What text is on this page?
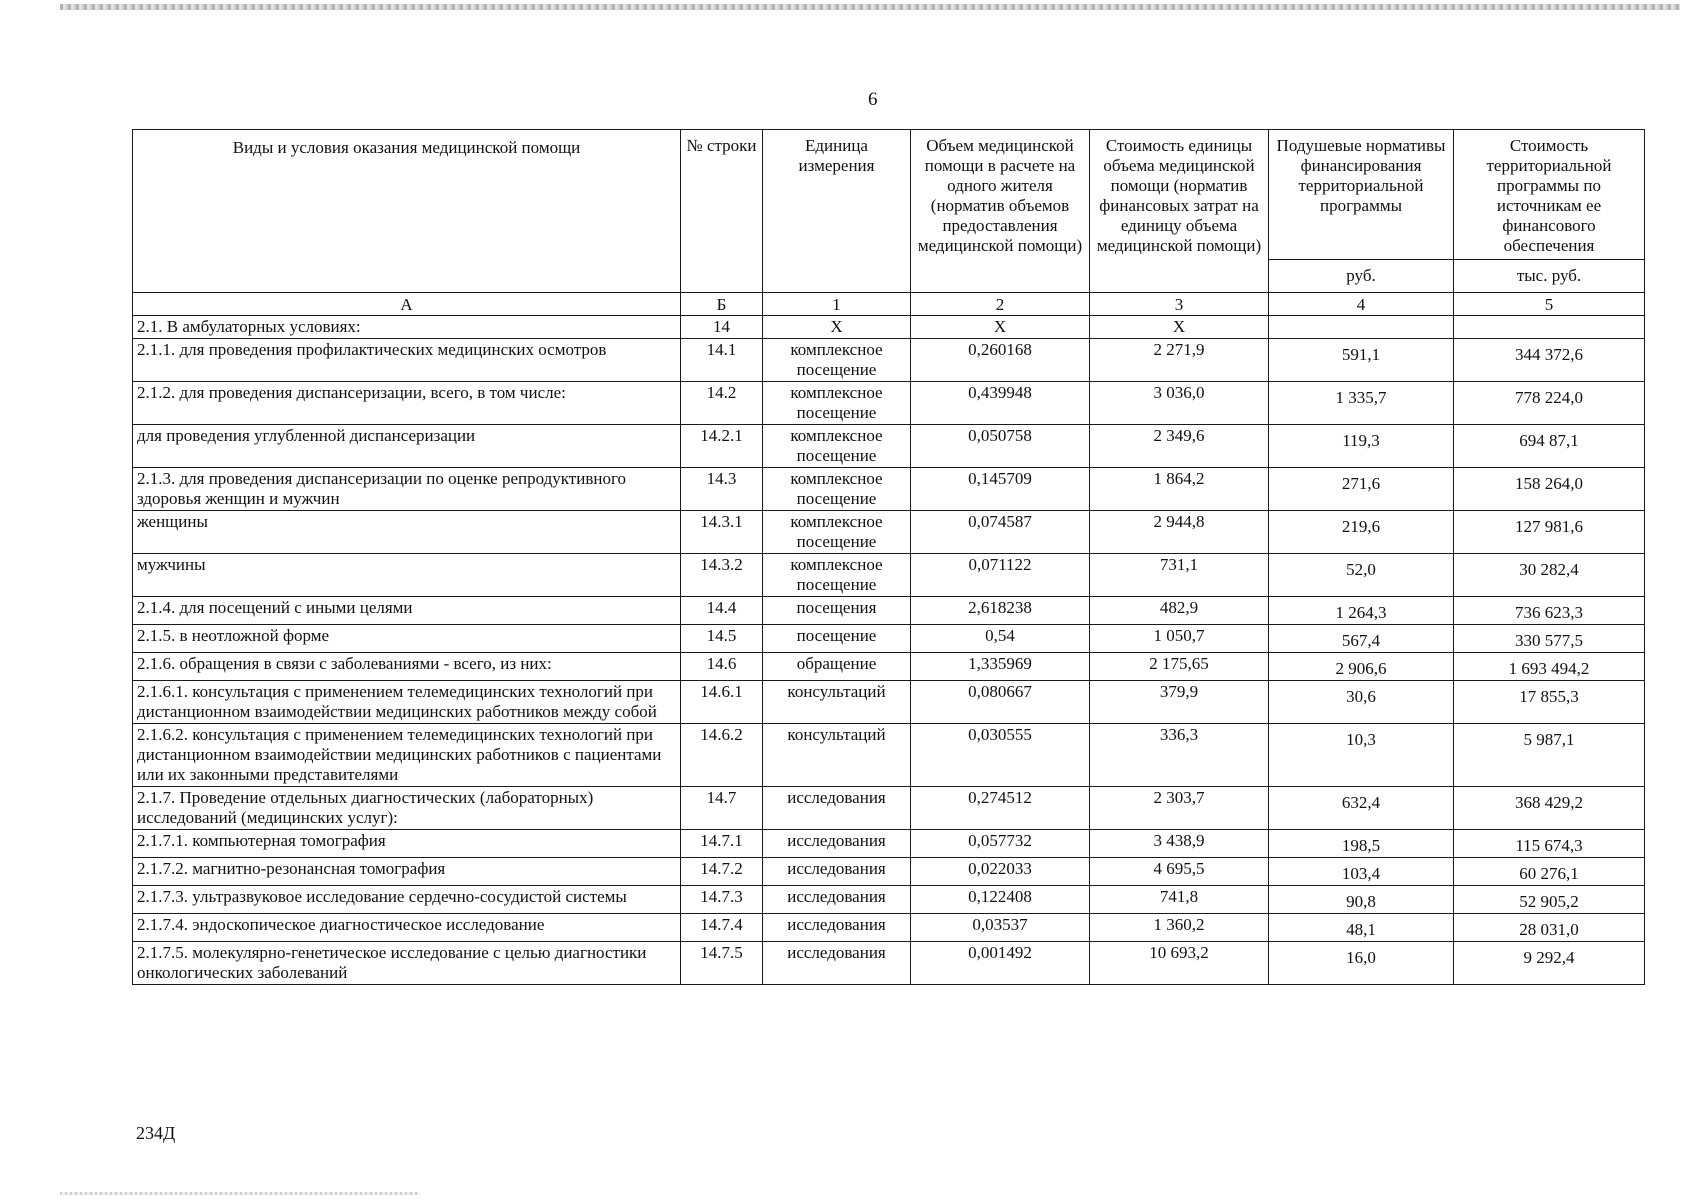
6
Виды и условия оказания медицинской помощи	№ строки	Единица измерения	Объем медицинской помощи в расчете на одного жителя (норматив объемов предоставления медицинской помощи)	Стоимость единицы объема медицинской помощи (норматив финансовых затрат на единицу объема медицинской помощи)	Подушевые нормативы финансирования территориальной программы	Стоимость территориальной программы по источникам ее финансового обеспечения
					руб.	тыс. руб.
А	Б	1	2	3	4	5
2.1. В амбулаторных условиях:	14	Х	Х	Х		
2.1.1. для проведения профилактических медицинских осмотров	14.1	комплексное посещение	0,260168	2 271,9	591,1	344 372,6
2.1.2. для проведения диспансеризации, всего, в том числе:	14.2	комплексное посещение	0,439948	3 036,0	1 335,7	778 224,0
для проведения углубленной диспансеризации	14.2.1	комплексное посещение	0,050758	2 349,6	119,3	694 87,1
2.1.3. для проведения диспансеризации по оценке репродуктивного здоровья женщин и мужчин	14.3	комплексное посещение	0,145709	1 864,2	271,6	158 264,0
женщины	14.3.1	комплексное посещение	0,074587	2 944,8	219,6	127 981,6
мужчины	14.3.2	комплексное посещение	0,071122	731,1	52,0	30 282,4
2.1.4. для посещений с иными целями	14.4	посещения	2,618238	482,9	1 264,3	736 623,3
2.1.5. в неотложной форме	14.5	посещение	0,54	1 050,7	567,4	330 577,5
2.1.6. обращения в связи с заболеваниями - всего, из них:	14.6	обращение	1,335969	2 175,65	2 906,6	1 693 494,2
2.1.6.1. консультация с применением телемедицинских технологий при дистанционном взаимодействии медицинских работников между собой	14.6.1	консультаций	0,080667	379,9	30,6	17 855,3
2.1.6.2. консультация с применением телемедицинских технологий при дистанционном взаимодействии медицинских работников с пациентами или их законными представителями	14.6.2	консультаций	0,030555	336,3	10,3	5 987,1
2.1.7. Проведение отдельных диагностических (лабораторных) исследований (медицинских услуг):	14.7	исследования	0,274512	2 303,7	632,4	368 429,2
2.1.7.1. компьютерная томография	14.7.1	исследования	0,057732	3 438,9	198,5	115 674,3
2.1.7.2. магнитно-резонансная томография	14.7.2	исследования	0,022033	4 695,5	103,4	60 276,1
2.1.7.3. ультразвуковое исследование сердечно-сосудистой системы	14.7.3	исследования	0,122408	741,8	90,8	52 905,2
2.1.7.4. эндоскопическое диагностическое исследование	14.7.4	исследования	0,03537	1 360,2	48,1	28 031,0
2.1.7.5. молекулярно-генетическое исследование с целью диагностики онкологических заболеваний	14.7.5	исследования	0,001492	10 693,2	16,0	9 292,4
234Д
